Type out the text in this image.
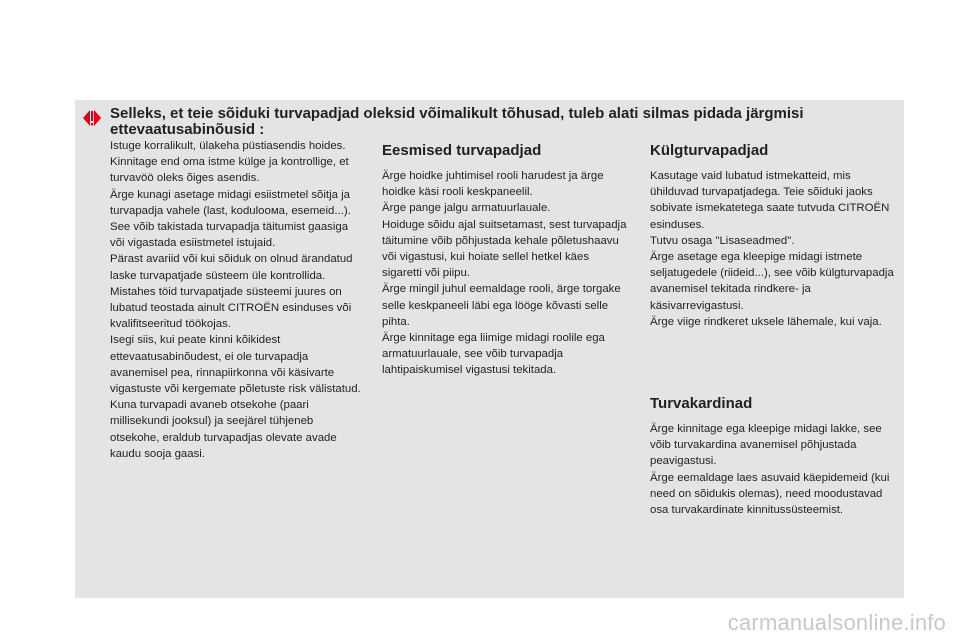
Selleks, et teie sõiduki turvapadjad oleksid võimalikult tõhusad, tuleb alati silmas pidada järgmisi ettevaatusabinõusid :

Istuge korralikult, ülakeha püstiasendis hoides.

Kinnitage end oma istme külge ja kontrollige, et turvavöö oleks õiges asendis.

Ärge kunagi asetage midagi esiistmetel sõitja ja turvapadja vahele (last, koduloома, esemeid...). See võib takistada turvapadja täitumist gaasiga või vigastada esiistmetel istujaid.

Pärast avariid või kui sõiduk on olnud ärandatud laske turvapatjade süsteem üle kontrollida.

Mistahes töid turvapatjade süsteemi juures on lubatud teostada ainult CITROËN esinduses või kvalifitseeritud töökojas.

Isegi siis, kui peate kinni kõikidest ettevaatusabinõudest, ei ole turvapadja avanemisel pea, rinnapiirkonna või käsivarte vigastuste või kergemate põletuste risk välistatud. Kuna turvapadi avaneb otsekohe (paari millisekundi jooksul) ja seejärel tühjeneb otsekohe, eraldub turvapadjas olevate avade kaudu sooja gaasi.

Eesmised turvapadjad

Ärge hoidke juhtimisel rooli harudest ja ärge hoidke käsi rooli keskpaneelil.

Ärge pange jalgu armatuurlauale.

Hoiduge sõidu ajal suitsetamast, sest turvapadja täitumine võib põhjustada kehale põletushaavu või vigastusi, kui hoiate sellel hetkel käes sigaretti või piipu.

Ärge mingil juhul eemaldage rooli, ärge torgake selle keskpaneeli läbi ega lööge kõvasti selle pihta.

Ärge kinnitage ega liimige midagi roolile ega armatuurlauale, see võib turvapadja lahtipaiskumisel vigastusi tekitada.

Külgturvapadjad

Kasutage vaid lubatud istmekatteid, mis ühilduvad turvapatjadega. Teie sõiduki jaoks sobivate ismekatetega saate tutvuda CITROËN esinduses.

Tutvu osaga "Lisaseadmed".

Ärge asetage ega kleepige midagi istmete seljatugedele (riideid...), see võib külgturvapadja avanemisel tekitada rindkere- ja käsivarrevigastusi.

Ärge viige rindkeret uksele lähemale, kui vaja.

Turvakardinad

Ärge kinnitage ega kleepige midagi lakke, see võib turvakardina avanemisel põhjustada peavigastusi.

Ärge eemaldage laes asuvaid käepidemeid (kui need on sõidukis olemas), need moodustavad osa turvakardinate kinnitussüsteemist.

carmanualsonline.info
